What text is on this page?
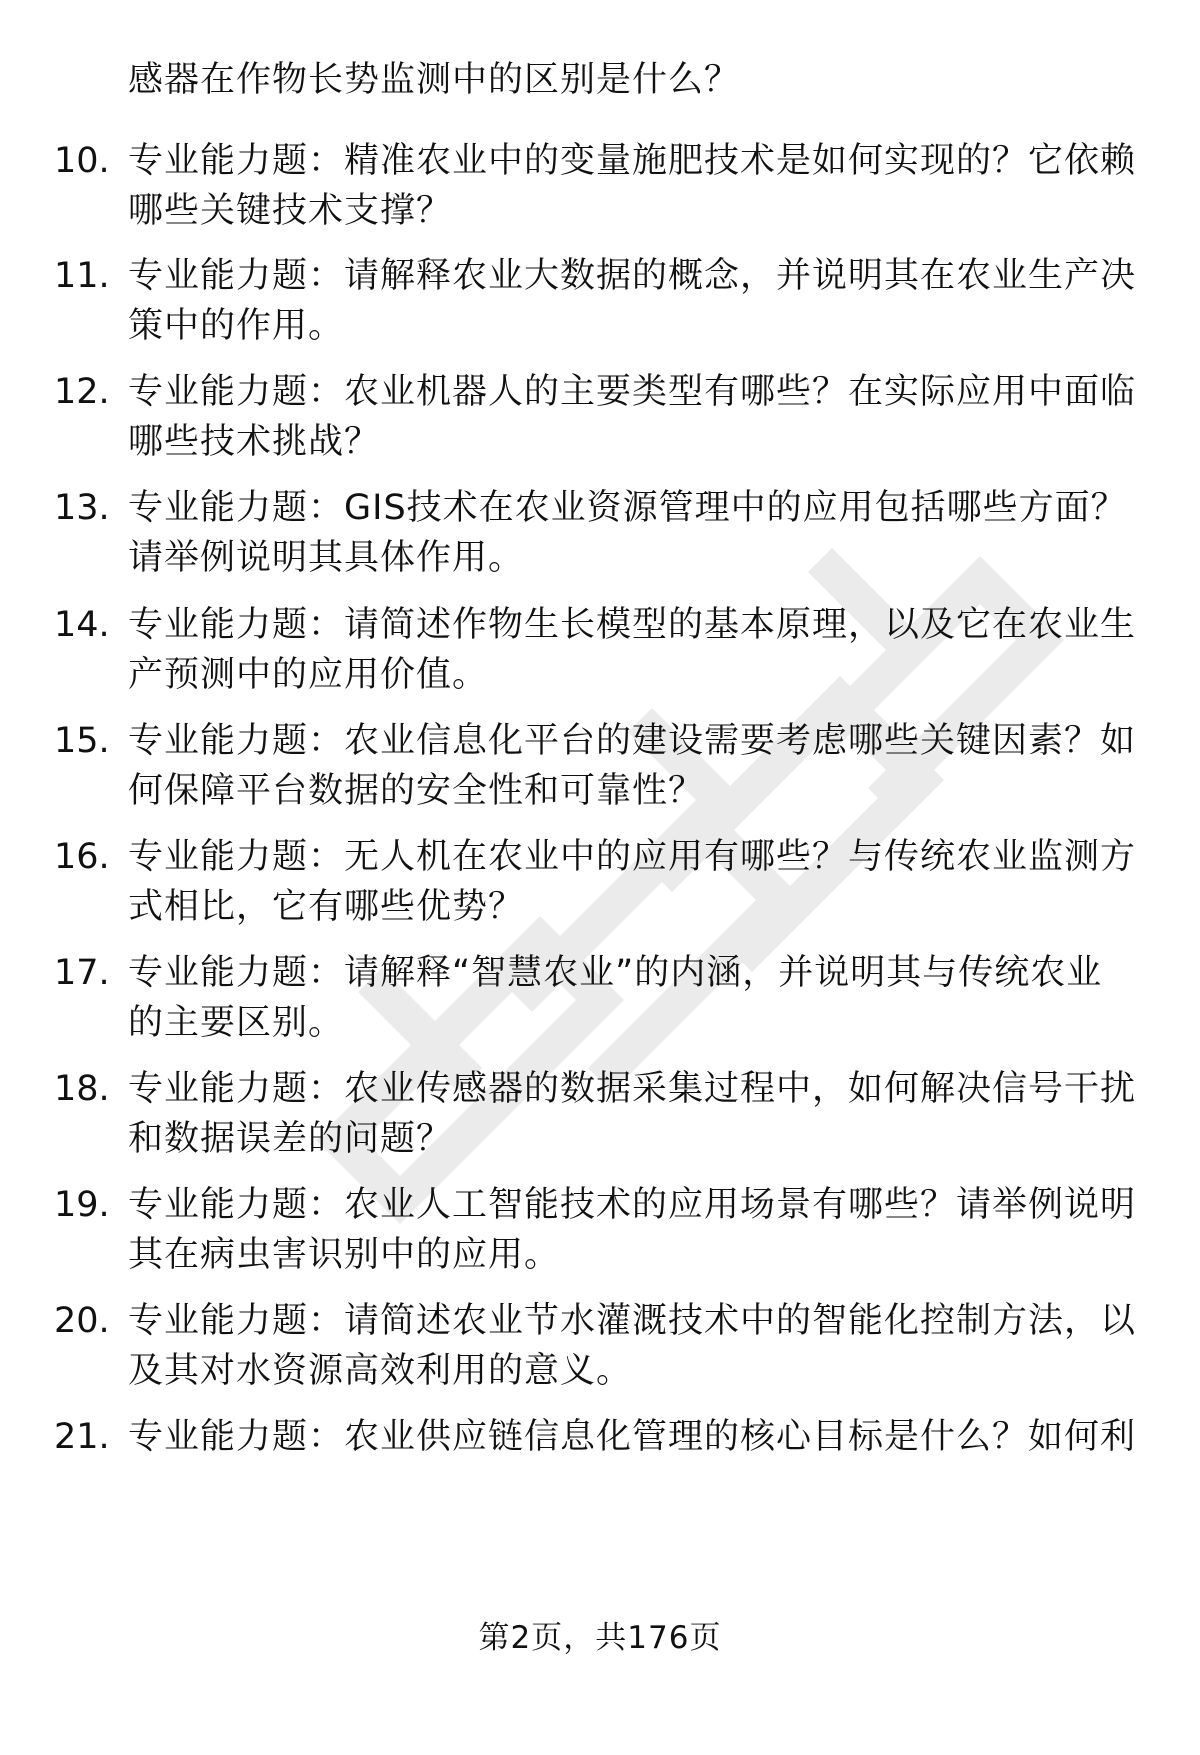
感器在作物长势监测中的区别是什么？
10. 专业能力题：精准农业中的变量施肥技术是如何实现的？它依赖哪些关键技术支撑？
11. 专业能力题：请解释农业大数据的概念，并说明其在农业生产决策中的作用。
12. 专业能力题：农业机器人的主要类型有哪些？在实际应用中面临哪些技术挑战？
13. 专业能力题：GIS技术在农业资源管理中的应用包括哪些方面？请举例说明其具体作用。
14. 专业能力题：请简述作物生长模型的基本原理，以及它在农业生产预测中的应用价值。
15. 专业能力题：农业信息化平台的建设需要考虑哪些关键因素？如何保障平台数据的安全性和可靠性？
16. 专业能力题：无人机在农业中的应用有哪些？与传统农业监测方式相比，它有哪些优势？
17. 专业能力题：请解释“智慧农业”的内涵，并说明其与传统农业的主要区别。
18. 专业能力题：农业传感器的数据采集过程中，如何解决信号干扰和数据误差的问题？
19. 专业能力题：农业人工智能技术的应用场景有哪些？请举例说明其在病虫害识别中的应用。
20. 专业能力题：请简述农业节水灌溉技术中的智能化控制方法，以及其对水资源高效利用的意义。
21. 专业能力题：农业供应链信息化管理的核心目标是什么？如何利
第2页，共176页
